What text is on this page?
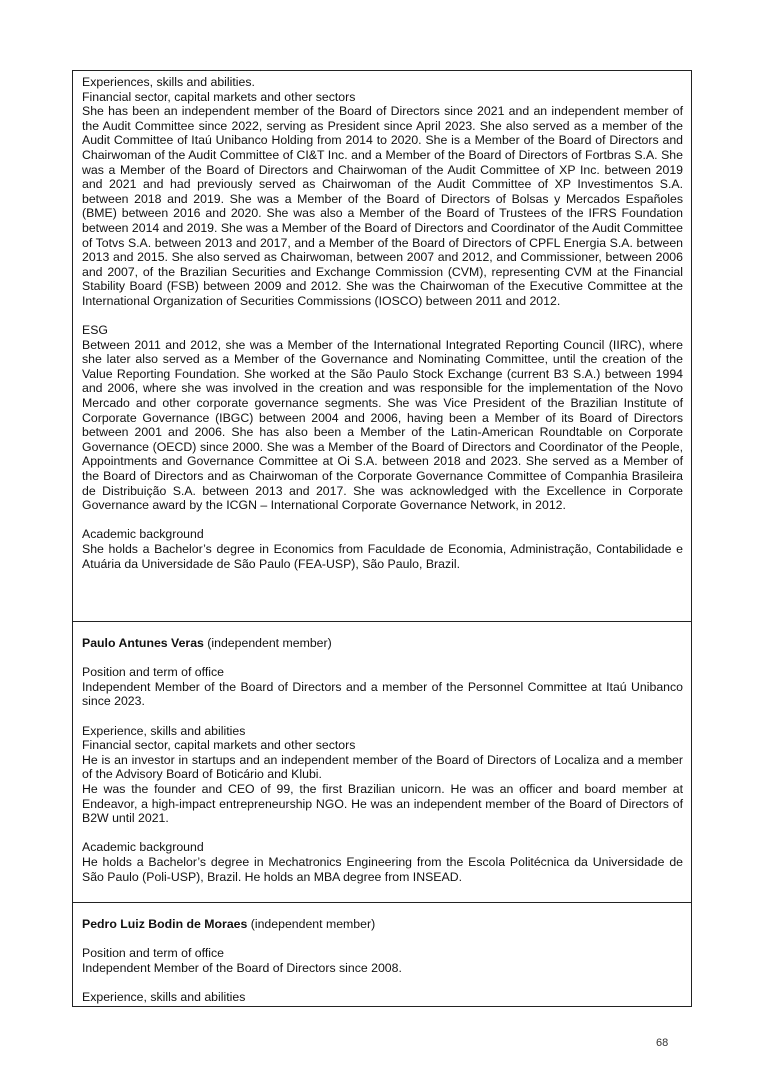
Experiences, skills and abilities.

Financial sector, capital markets and other sectors

She has been an independent member of the Board of Directors since 2021 and an independent member of the Audit Committee since 2022, serving as President since April 2023. She also served as a member of the Audit Committee of Itaú Unibanco Holding from 2014 to 2020. She is a Member of the Board of Directors and Chairwoman of the Audit Committee of CI&T Inc. and a Member of the Board of Directors of Fortbras S.A. She was a Member of the Board of Directors and Chairwoman of the Audit Committee of XP Inc. between 2019 and 2021 and had previously served as Chairwoman of the Audit Committee of XP Investimentos S.A. between 2018 and 2019. She was a Member of the Board of Directors of Bolsas y Mercados Españoles (BME) between 2016 and 2020. She was also a Member of the Board of Trustees of the IFRS Foundation between 2014 and 2019. She was a Member of the Board of Directors and Coordinator of the Audit Committee of Totvs S.A. between 2013 and 2017, and a Member of the Board of Directors of CPFL Energia S.A. between 2013 and 2015. She also served as Chairwoman, between 2007 and 2012, and Commissioner, between 2006 and 2007, of the Brazilian Securities and Exchange Commission (CVM), representing CVM at the Financial Stability Board (FSB) between 2009 and 2012. She was the Chairwoman of the Executive Committee at the International Organization of Securities Commissions (IOSCO) between 2011 and 2012.

ESG

Between 2011 and 2012, she was a Member of the International Integrated Reporting Council (IIRC), where she later also served as a Member of the Governance and Nominating Committee, until the creation of the Value Reporting Foundation. She worked at the São Paulo Stock Exchange (current B3 S.A.) between 1994 and 2006, where she was involved in the creation and was responsible for the implementation of the Novo Mercado and other corporate governance segments. She was Vice President of the Brazilian Institute of Corporate Governance (IBGC) between 2004 and 2006, having been a Member of its Board of Directors between 2001 and 2006. She has also been a Member of the Latin-American Roundtable on Corporate Governance (OECD) since 2000. She was a Member of the Board of Directors and Coordinator of the People, Appointments and Governance Committee at Oi S.A. between 2018 and 2023. She served as a Member of the Board of Directors and as Chairwoman of the Corporate Governance Committee of Companhia Brasileira de Distribuição S.A. between 2013 and 2017. She was acknowledged with the Excellence in Corporate Governance award by the ICGN – International Corporate Governance Network, in 2012.

Academic background

She holds a Bachelor’s degree in Economics from Faculdade de Economia, Administração, Contabilidade e Atuária da Universidade de São Paulo (FEA-USP), São Paulo, Brazil.

Paulo Antunes Veras (independent member)

Position and term of office

Independent Member of the Board of Directors and a member of the Personnel Committee at Itaú Unibanco since 2023.

Experience, skills and abilities

Financial sector, capital markets and other sectors

He is an investor in startups and an independent member of the Board of Directors of Localiza and a member of the Advisory Board of Boticário and Klubi.

He was the founder and CEO of 99, the first Brazilian unicorn. He was an officer and board member at Endeavor, a high-impact entrepreneurship NGO. He was an independent member of the Board of Directors of B2W until 2021.

Academic background

He holds a Bachelor’s degree in Mechatronics Engineering from the Escola Politécnica da Universidade de São Paulo (Poli-USP), Brazil. He holds an MBA degree from INSEAD.

Pedro Luiz Bodin de Moraes (independent member)

Position and term of office

Independent Member of the Board of Directors since 2008.

Experience, skills and abilities

68
